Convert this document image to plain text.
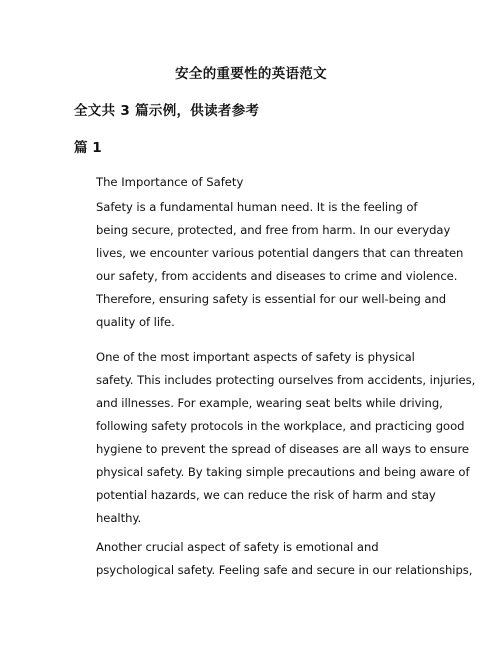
安全的重要性的英语范文
全文共 3 篇示例，供读者参考
篇 1
The Importance of Safety

Safety is a fundamental human need. It is the feeling of
being secure, protected, and free from harm. In our everyday
lives, we encounter various potential dangers that can threaten
our safety, from accidents and diseases to crime and violence.
Therefore, ensuring safety is essential for our well-being and
quality of life.

One of the most important aspects of safety is physical
safety. This includes protecting ourselves from accidents, injuries,
and illnesses. For example, wearing seat belts while driving,
following safety protocols in the workplace, and practicing good
hygiene to prevent the spread of diseases are all ways to ensure
physical safety. By taking simple precautions and being aware of
potential hazards, we can reduce the risk of harm and stay
healthy.

Another crucial aspect of safety is emotional and
psychological safety. Feeling safe and secure in our relationships,
